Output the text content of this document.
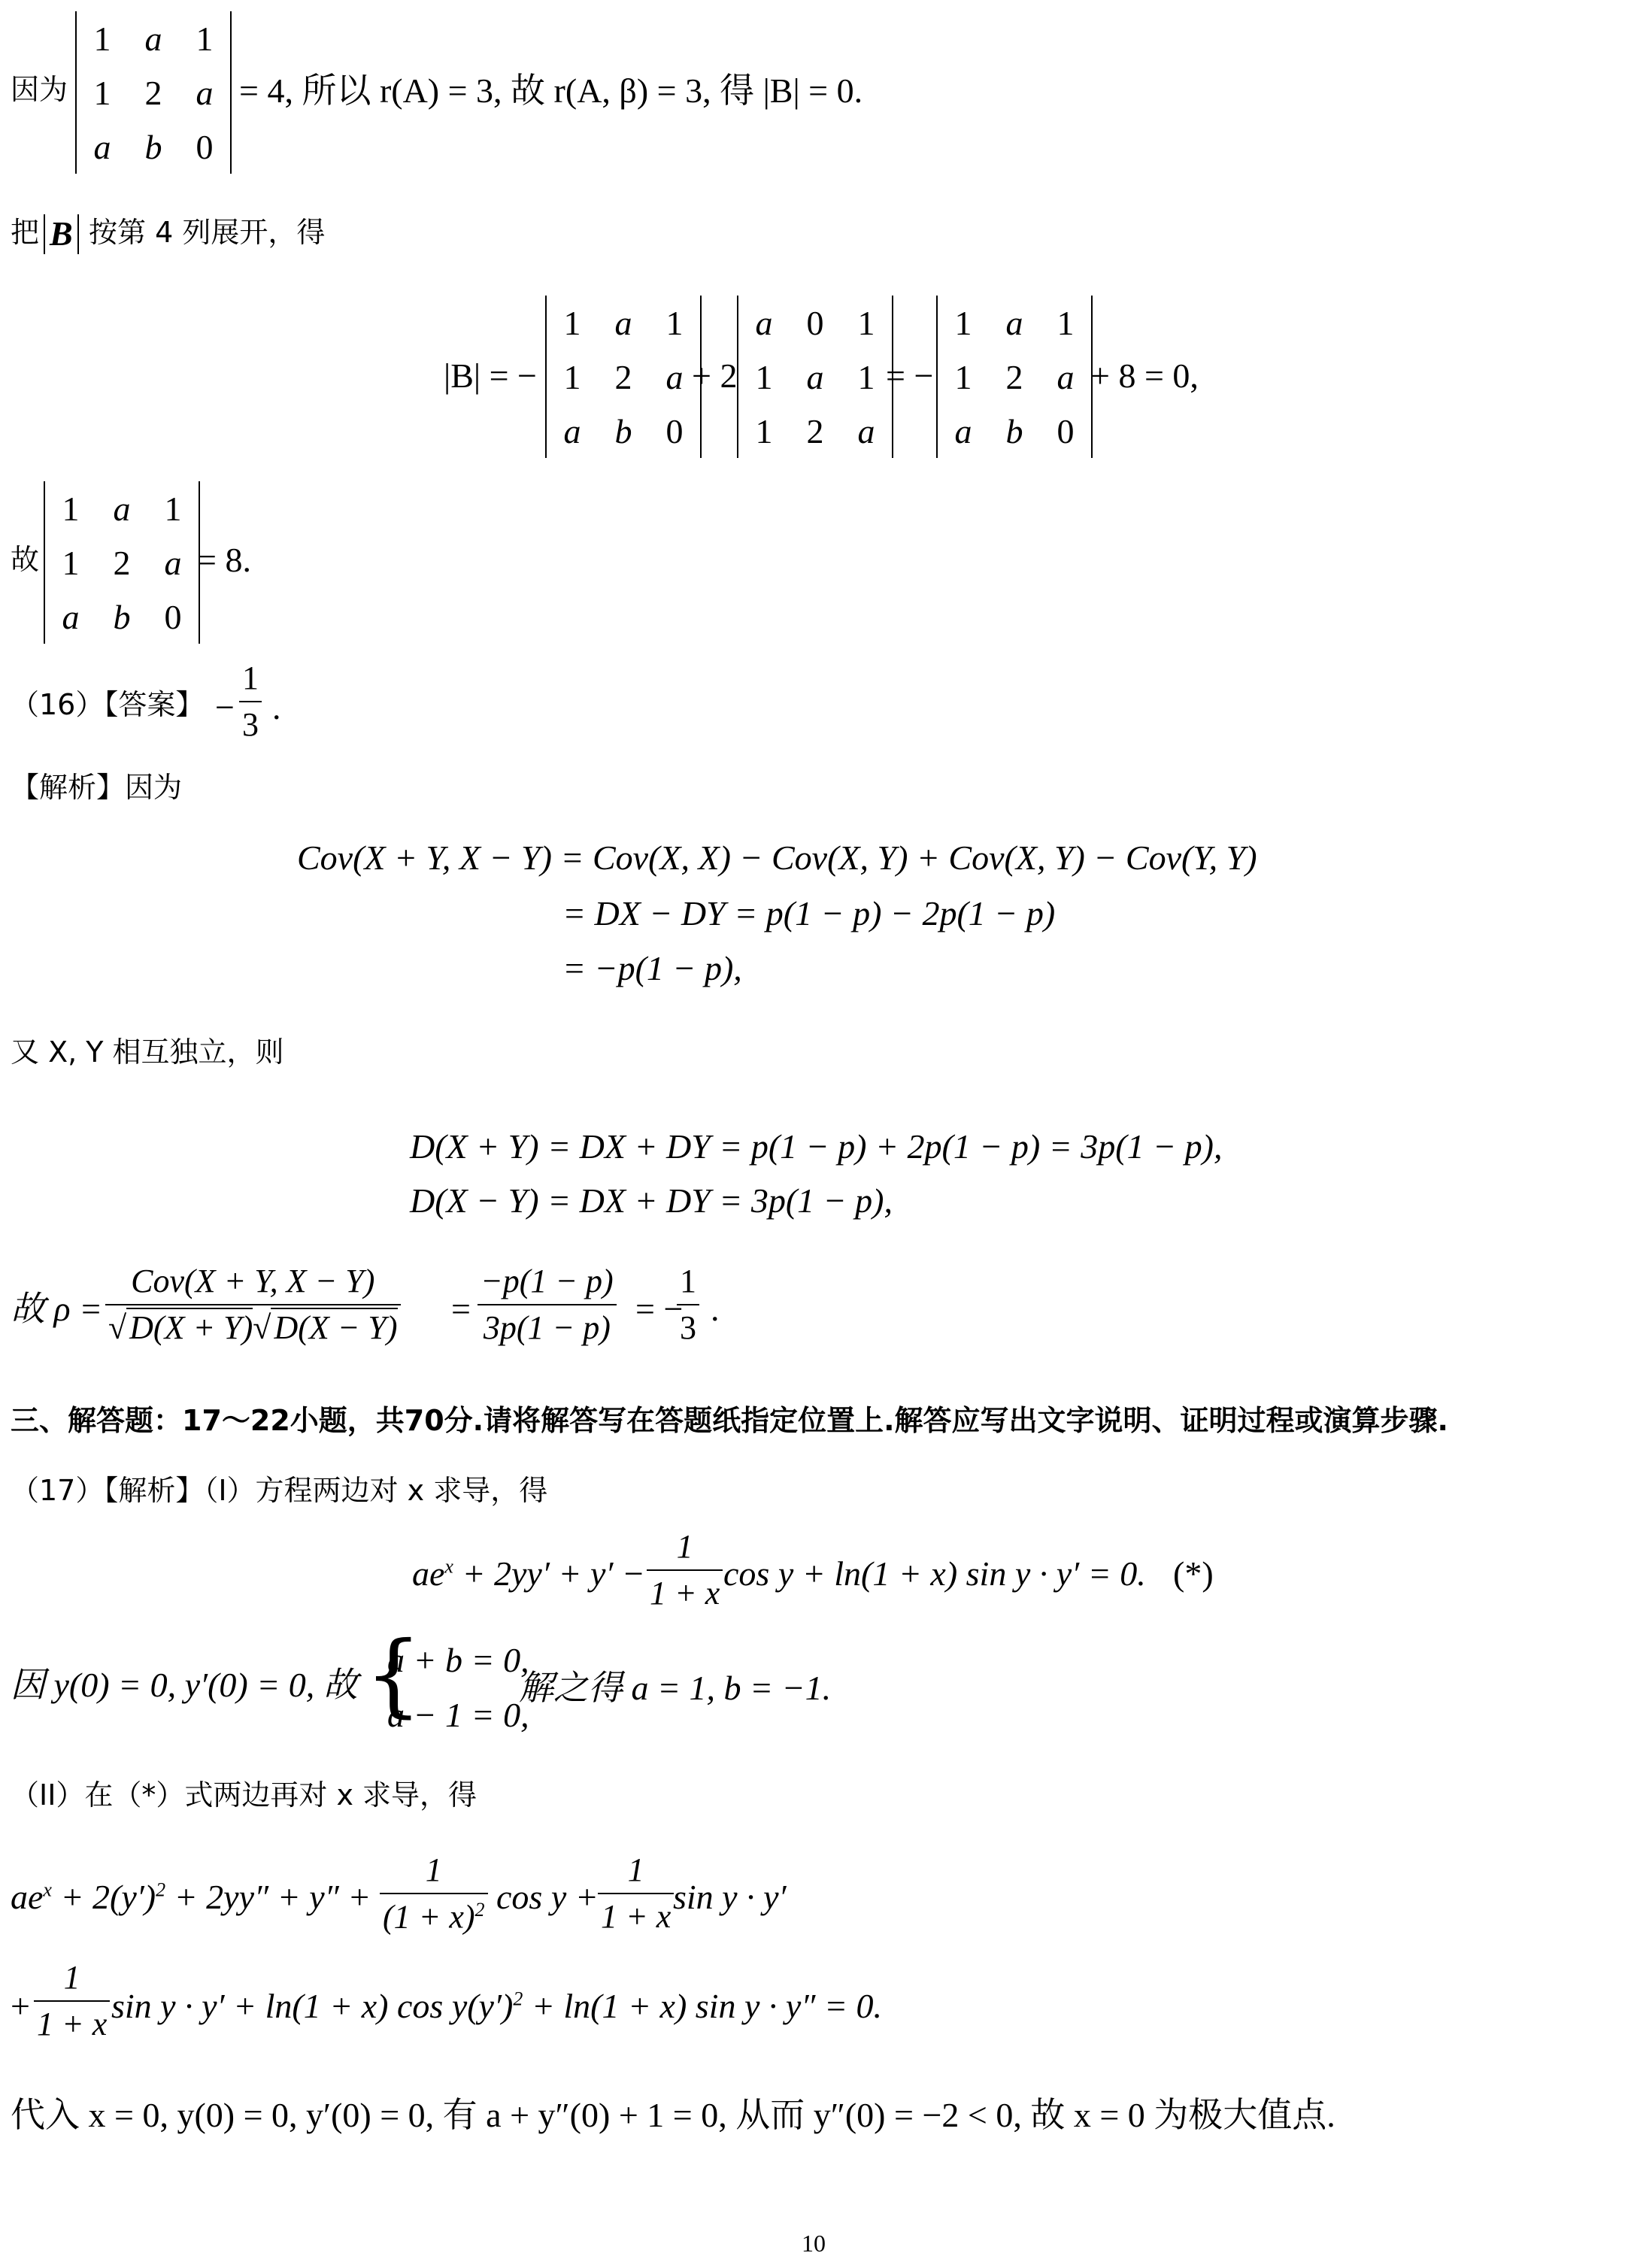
因为
1 a 1
1 2 a
a b 0
= 4, 所以 r(A) = 3, 故 r(A, β) = 3, 得 |B| = 0.
把 B 按第 4 列展开，得
|B| = −
1 a 1
1 2 a
a b 0
+ 2
a 0 1
1 a 1
1 2 a
= −
1 a 1
1 2 a
a b 0
+ 8 = 0,
故
1 a 1
1 2 a
a b 0
= 8.
（16）【答案】 − $\frac{1}{3}$ .
【解析】因为
Cov(X + Y, X − Y) = Cov(X, X) − Cov(X, Y) + Cov(X, Y) − Cov(Y, Y)
= DX − DY = p(1 − p) − 2p(1 − p)
= −p(1 − p),
又 X, Y 相互独立，则
D(X + Y) = DX + DY = p(1 − p) + 2p(1 − p) = 3p(1 − p),
D(X − Y) = DX + DY = 3p(1 − p),
故 ρ =
Cov(X + Y, X − Y)
$√D(X + Y)√D(X - Y) = \frac{-p(1 - p)}{3p(1 - p)}$ = −
$\frac{1}{3}$ .
三、解答题：17～22小题，共70分.请将解答写在答题纸指定位置上.解答应写出文字说明、证明过程或演算步骤.
（17）【解析】（Ⅰ）方程两边对 x 求导，得
$ae^x + 2yy' + y' - \frac{1}{1 + x}$ cos y + ln(1 + x) sin y · y′ = 0. (*)
因 y(0) = 0, y′(0) = 0, 故 {
a + b = 0,
a − 1 = 0,
解之得 a = 1, b = −1.
（II）在（*）式两边再对 x 求导，得
$ae^x + 2(y')^2 + 2yy'' + y'' + \frac{1}{(1 + x)^2}$ $\cos y + \frac{1}{1 + x}$
sin y · y′
+ $\frac{1}{1 + x}$ sin y · y′ + ln(1 + x) $\cos y(y')^2 + \ln(1 + x)$ sin y · y″ = 0.
代入 x = 0, y(0) = 0, y′(0) = 0, 有 a + y″(0) + 1 = 0, 从而 y″(0) = −2 < 0, 故 x = 0 为极大值点.
10
